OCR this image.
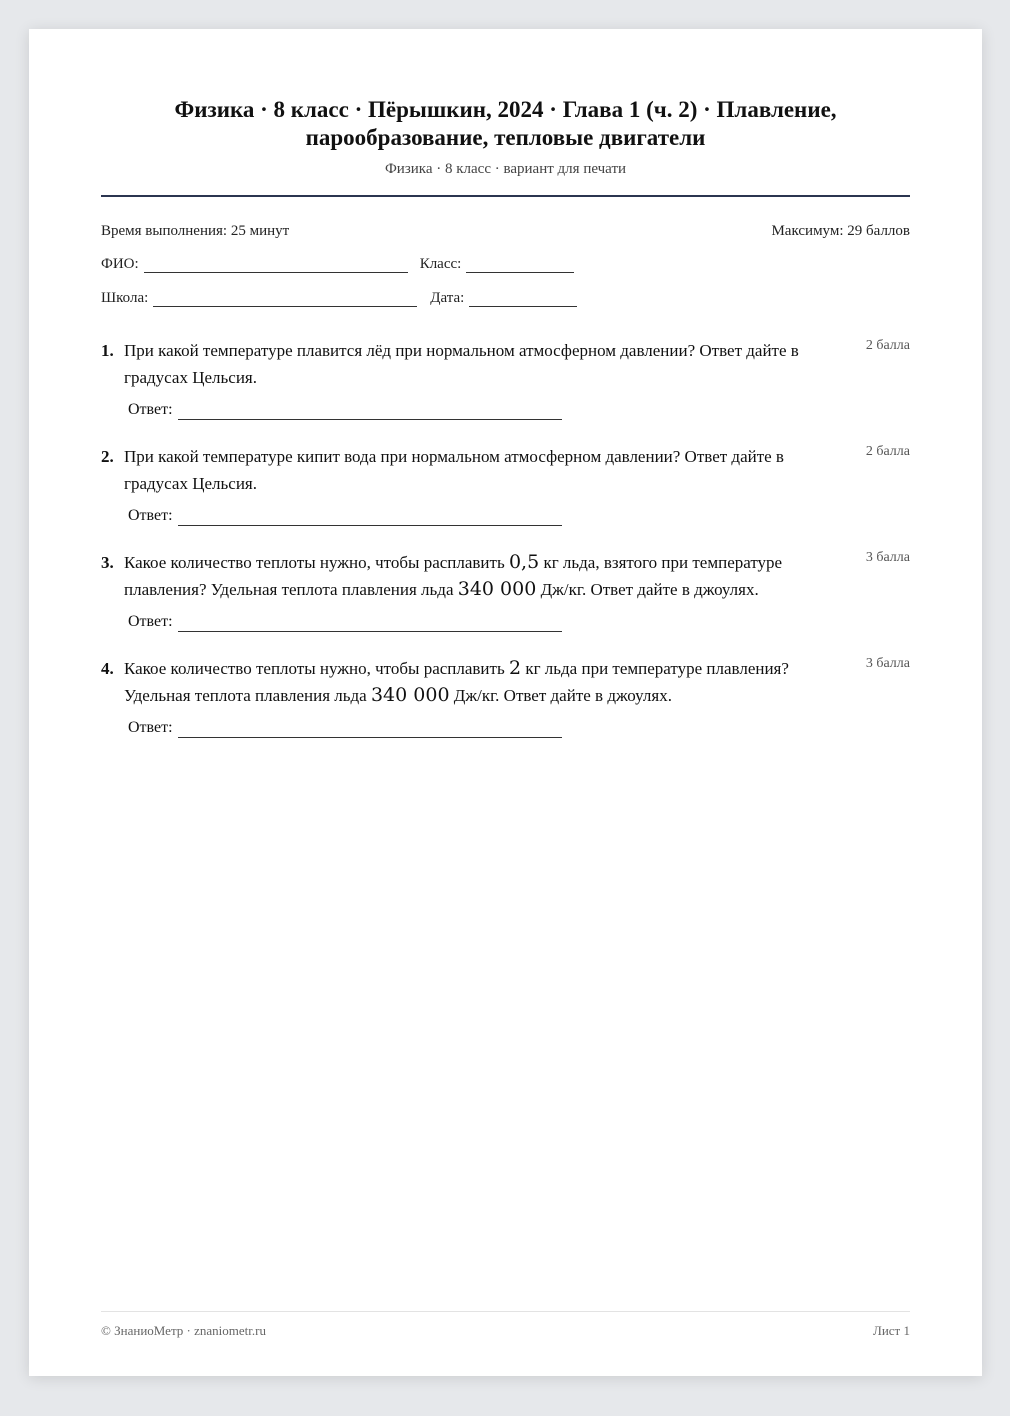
Физика · 8 класс · Пёрышкин, 2024 · Глава 1 (ч. 2) · Плавление, парообразование, тепловые двигатели
Физика · 8 класс · вариант для печати
Время выполнения: 25 минут	Максимум: 29 баллов
ФИО:	Класс:
Школа:	Дата:
1. При какой температуре плавится лёд при нормальном атмосферном давлении? Ответ дайте в градусах Цельсия.
2 балла
Ответ:
2. При какой температуре кипит вода при нормальном атмосферном давлении? Ответ дайте в градусах Цельсия.
2 балла
Ответ:
3. Какое количество теплоты нужно, чтобы расплавить 0,5 кг льда, взятого при температуре плавления? Удельная теплота плавления льда 340 000 Дж/кг. Ответ дайте в джоулях.
3 балла
Ответ:
4. Какое количество теплоты нужно, чтобы расплавить 2 кг льда при температуре плавления? Удельная теплота плавления льда 340 000 Дж/кг. Ответ дайте в джоулях.
3 балла
Ответ:
© ЗнаниоМетр · znaniometr.ru	Лист 1
